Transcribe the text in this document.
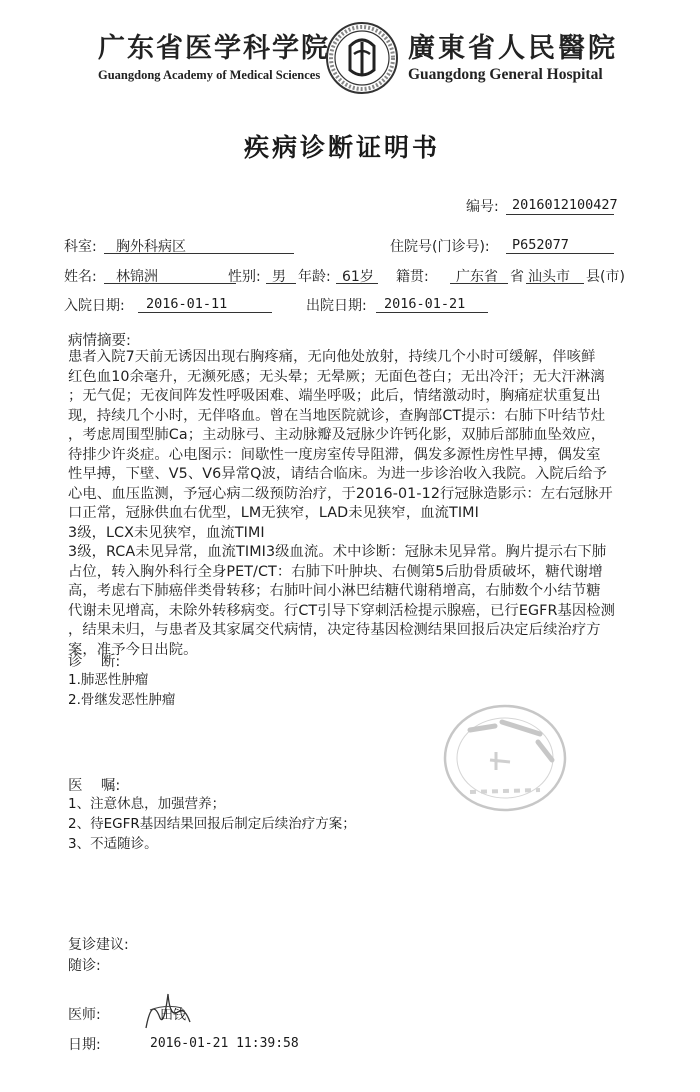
广东省医学科学院
Guangdong Academy of Medical Sciences
廣東省人民醫院
Guangdong General Hospital
疾病诊断证明书
编号: 2016012100427
科室: 胸外科病区	住院号(门诊号): P652077
姓名: 林锦洲	性别: 男 年龄: 61岁 籍贯: 广东省 省 汕头市 县(市)
入院日期: 2016-01-11	出院日期: 2016-01-21
病情摘要:
患者入院7天前无诱因出现右胸疼痛，无向他处放射，持续几个小时可缓解，伴咳鲜
红色血10余毫升，无濒死感；无头晕；无晕厥；无面色苍白；无出冷汗；无大汗淋漓
；无气促；无夜间阵发性呼吸困难、端坐呼吸；此后，情绪激动时，胸痛症状重复出
现，持续几个小时，无伴咯血。曾在当地医院就诊，查胸部CT提示：右肺下叶结节灶
，考虑周围型肺Ca；主动脉弓、主动脉瓣及冠脉少许钙化影，双肺后部肺血坠效应，
待排少许炎症。心电图示：间歇性一度房室传导阻滞，偶发多源性房性早搏，偶发室
性早搏，下壁、V5、V6异常Q波，请结合临床。为进一步诊治收入我院。入院后给予
心电、血压监测，予冠心病二级预防治疗，于2016-01-12行冠脉造影示：左右冠脉开
口正常，冠脉供血右优型，LM无狭窄，LAD未见狭窄，血流TIMI
3级，LCX未见狭窄，血流TIMI
3级，RCA未见异常，血流TIMI3级血流。术中诊断：冠脉未见异常。胸片提示右下肺
占位，转入胸外科行全身PET/CT：右肺下叶肿块、右侧第5后肋骨质破坏，糖代谢增
高，考虑右下肺癌伴类骨转移；右肺叶间小淋巴结糖代谢稍增高，右肺数个小结节糖
代谢未见增高，未除外转移病变。行CT引导下穿刺活检提示腺癌，已行EGFR基因检测
，结果未归，与患者及其家属交代病情，决定待基因检测结果回报后决定后续治疗方
案，准予今日出院。
诊    断:
1.肺恶性肿瘤
2.骨继发恶性肿瘤
医    嘱:
1、注意休息，加强营养；
2、待EGFR基因结果回报后制定后续治疗方案；
3、不适随诊。
复诊建议:
随诊:
医师:	田钱
日期:	2016-01-21 11:39:58
